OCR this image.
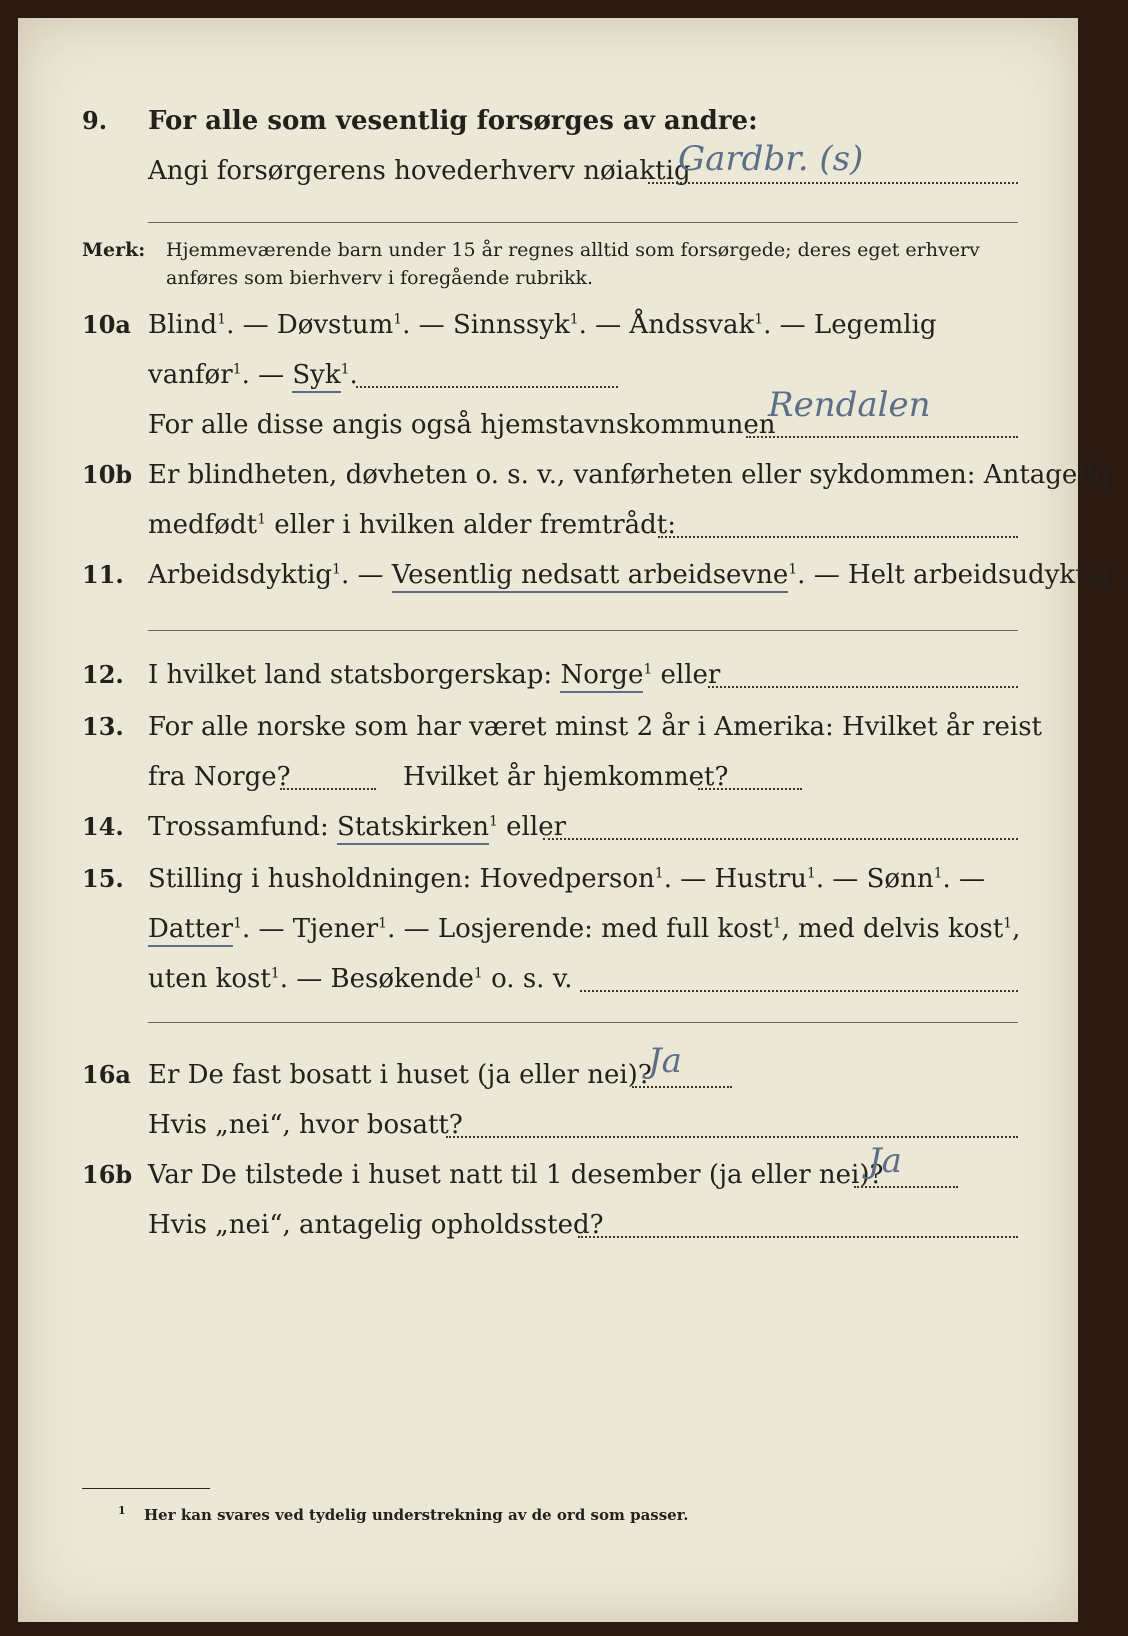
9. For alle som vesentlig forsørges av andre:
Angi forsørgerens hovederhverv nøiaktig
Gardbr. (s)
Merk: Hjemmeværende barn under 15 år regnes alltid som forsørgede; deres eget erhverv
anføres som bierhverv i foregående rubrikk.
10a Blind$^1$. — Døvstum$^1$. — Sinnssyk$^1$. — Åndssvak$^1$. — Legemlig
vanfør$^1$. — Syk$^1$.
For alle disse angis også hjemstavnskommunen
Rendalen
10b Er blindheten, døvheten o. s. v., vanførheten eller sykdommen: Antagelig
medfødt$^1$ eller i hvilken alder fremtrådt:
11. Arbeidsdyktig$^1$. — Vesentlig nedsatt arbeidsevne$^1$. — Helt arbeidsudyktig$^1$.
12. I hvilket land statsborgerskap: Norge$^1$ eller
13. For alle norske som har været minst 2 år i Amerika: Hvilket år reist
fra Norge?	Hvilket år hjemkommet?
14. Trossamfund: Statskirken$^1$ eller
15. Stilling i husholdningen: Hovedperson$^1$. — Hustru$^1$. — Sønn$^1$. —
Datter$^1$. — Tjener$^1$. — Losjerende: med full kost$^1$, med delvis kost$^1$,
uten kost$^1$. — Besøkende$^1$ o. s. v.
16a Er De fast bosatt i huset (ja eller nei)?
Ja
Hvis „nei“, hvor bosatt?
16b Var De tilstede i huset natt til 1 desember (ja eller nei)?
Ja
Hvis „nei“, antagelig opholdssted?
1 Her kan svares ved tydelig understrekning av de ord som passer.
